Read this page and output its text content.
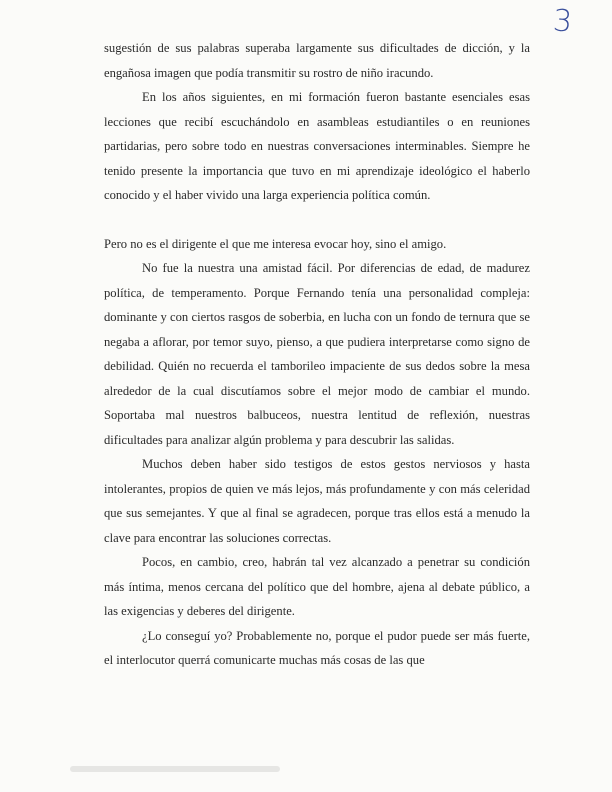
3

sugestión de sus palabras superaba largamente sus dificultades de dicción, y la engañosa imagen que podía transmitir su rostro de niño iracundo.

En los años siguientes, en mi formación fueron bastante esenciales esas lecciones que recibí escuchándolo en asambleas estudiantiles o en reuniones partidarias, pero sobre todo en nuestras conversaciones interminables. Siempre he tenido presente la importancia que tuvo en mi aprendizaje ideológico el haberlo conocido y el haber vivido una larga experiencia política común.

Pero no es el dirigente el que me interesa evocar hoy, sino el amigo.

No fue la nuestra una amistad fácil. Por diferencias de edad, de madurez política, de temperamento. Porque Fernando tenía una personalidad compleja: dominante y con ciertos rasgos de soberbia, en lucha con un fondo de ternura que se negaba a aflorar, por temor suyo, pienso, a que pudiera interpretarse como signo de debilidad. Quién no recuerda el tamborileo impaciente de sus dedos sobre la mesa alrededor de la cual discutíamos sobre el mejor modo de cambiar el mundo. Soportaba mal nuestros balbuceos, nuestra lentitud de reflexión, nuestras dificultades para analizar algún problema y para descubrir las salidas.

Muchos deben haber sido testigos de estos gestos nerviosos y hasta intolerantes, propios de quien ve más lejos, más profundamente y con más celeridad que sus semejantes. Y que al final se agradecen, porque tras ellos está a menudo la clave para encontrar las soluciones correctas.

Pocos, en cambio, creo, habrán tal vez alcanzado a penetrar su condición más íntima, menos cercana del político que del hombre, ajena al debate público, a las exigencias y deberes del dirigente.

¿Lo conseguí yo? Probablemente no, porque el pudor puede ser más fuerte, el interlocutor querrá comunicarte muchas más cosas de las que
